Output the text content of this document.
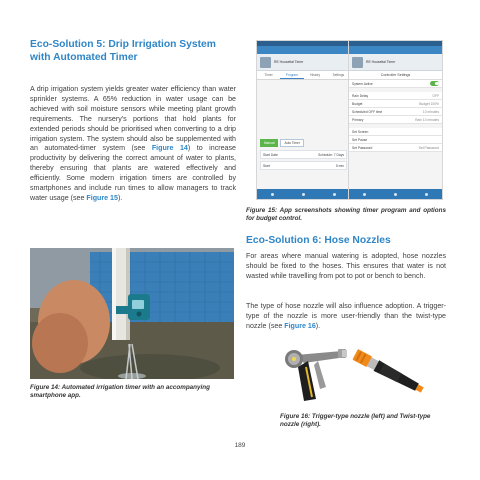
Eco-Solution 5: Drip Irrigation System with Automated Timer
A drip irrigation system yields greater water efficiency than water sprinkler systems. A 65% reduction in water usage can be achieved with soil moisture sensors while meeting plant growth requirements. The nursery's portions that hold plants for extended periods should be prioritised when converting to a drip irrigation system. The system should also be supplemented with an automated-timer system (see Figure 14) to increase productivity by delivering the correct amount of water to plants, thereby ensuring that plants are watered effectively and efficiently. Some modern irrigation timers are controlled by smartphones and include run times to allow managers to track water usage (see Figure 15).
RE Houseltal Timer
Timer	Program	History	Settings
Manual	Auto Timer
Start Date	Schedule: 7 Days
Start	5 min
RE Houseltal Timer
Controller Settings
System Active
Rain Delay	OFF
Budget	Budget 100%
Scheduled OFF time	10 minutes
Primary	Rain 10 minutes
Set Screen
Set Pause
Set Password	Set Password
Figure 15: App screenshots showing timer program and options for budget control.
Eco-Solution 6: Hose Nozzles
For areas where manual watering is adopted, hose nozzles should be fixed to the hoses. This ensures that water is not wasted while travelling from pot to pot or bench to bench.
The type of hose nozzle will also influence adoption. A trigger-type of the nozzle is more user-friendly than the twist-type nozzle (see Figure 16).
Figure 14: Automated irrigation timer with an accompanying smartphone app.
Figure 16: Trigger-type nozzle (left) and Twist-type nozzle (right).
189
